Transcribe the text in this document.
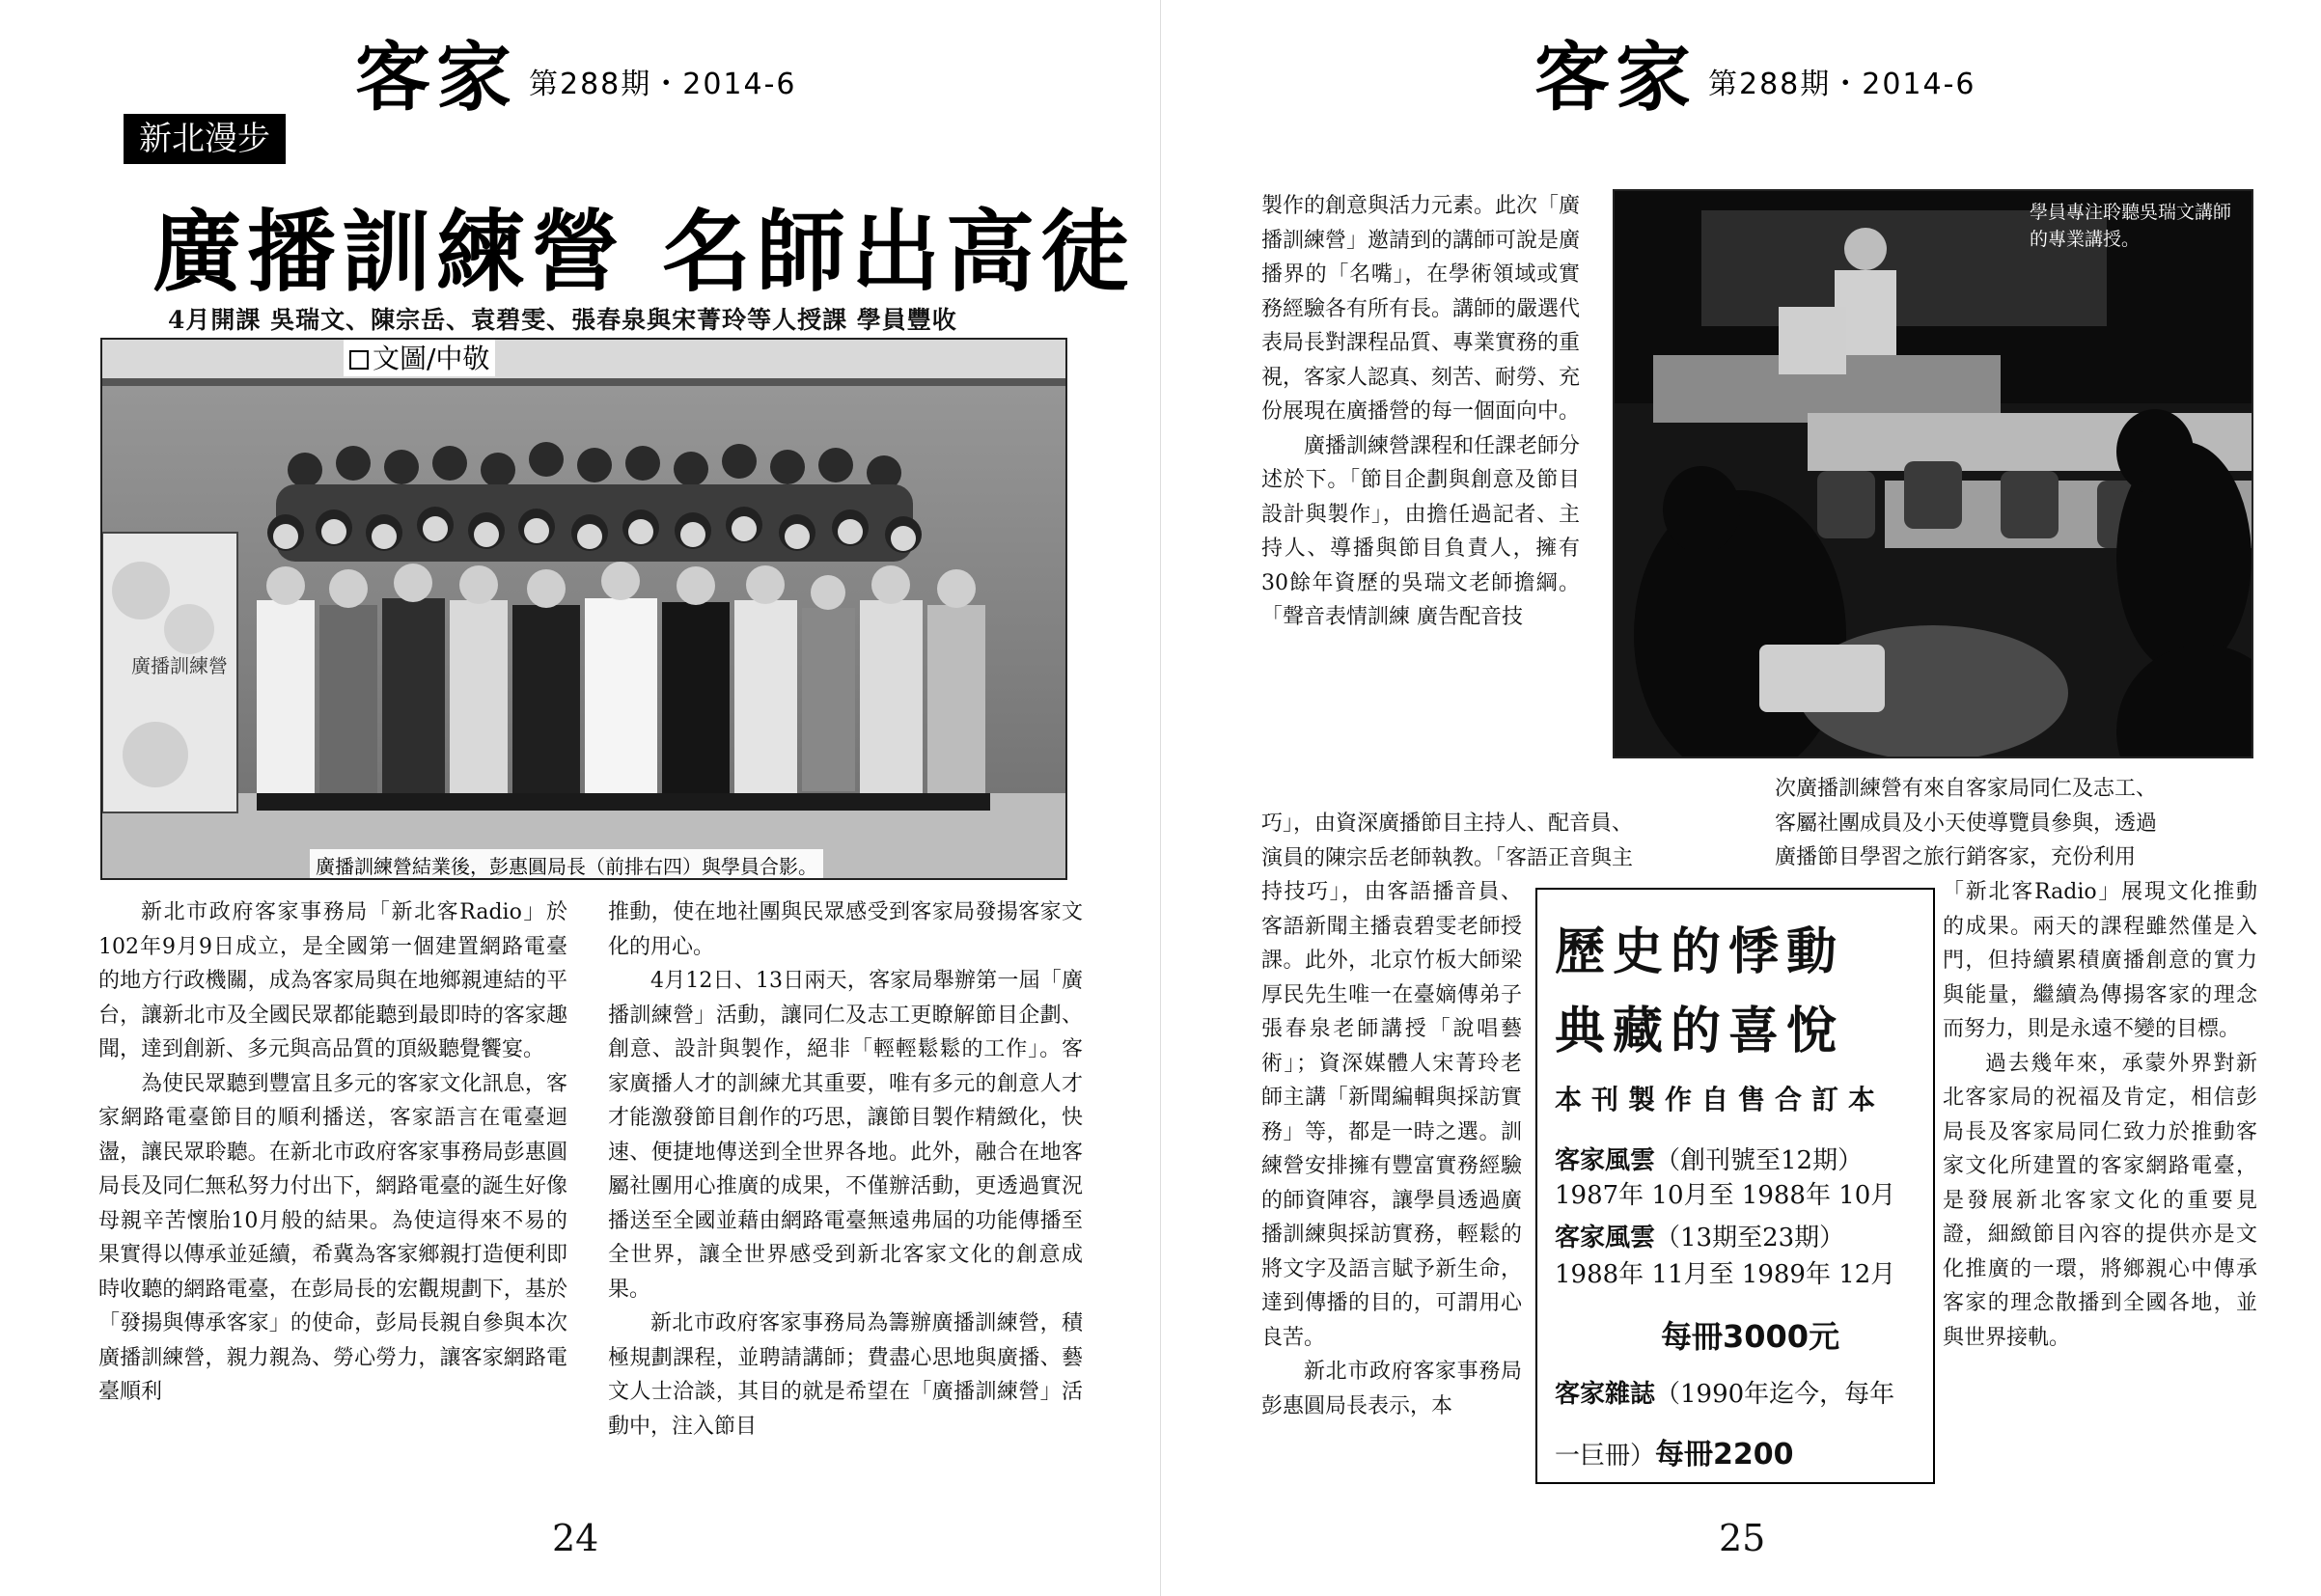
客家 第288期・2014-6
新北漫步
廣播訓練營 名師出高徒
4月開課 吳瑞文、陳宗岳、袁碧雯、張春泉與宋菁玲等人授課 學員豐收
廣播訓練營
文圖/中敬
廣播訓練營結業後，彭惠圓局長（前排右四）與學員合影。

新北市政府客家事務局「新北客Radio」於102年9月9日成立，是全國第一個建置網路電臺的地方行政機關，成為客家局與在地鄉親連結的平台，讓新北市及全國民眾都能聽到最即時的客家趣聞，達到創新、多元與高品質的頂級聽覺饗宴。

為使民眾聽到豐富且多元的客家文化訊息，客家網路電臺節目的順利播送，客家語言在電臺迴盪，讓民眾聆聽。在新北市政府客家事務局彭惠圓局長及同仁無私努力付出下，網路電臺的誕生好像母親辛苦懷胎10月般的結果。為使這得來不易的果實得以傳承並延續，希冀為客家鄉親打造便利即時收聽的網路電臺，在彭局長的宏觀規劃下，基於「發揚與傳承客家」的使命，彭局長親自參與本次廣播訓練營，親力親為、勞心勞力，讓客家網路電臺順利

推動，使在地社團與民眾感受到客家局發揚客家文化的用心。

4月12日、13日兩天，客家局舉辦第一屆「廣播訓練營」活動，讓同仁及志工更瞭解節目企劃、創意、設計與製作，絕非「輕輕鬆鬆的工作」。客家廣播人才的訓練尤其重要，唯有多元的創意人才才能激發節目創作的巧思，讓節目製作精緻化，快速、便捷地傳送到全世界各地。此外，融合在地客屬社團用心推廣的成果，不僅辦活動，更透過實況播送至全國並藉由網路電臺無遠弗屆的功能傳播至全世界，讓全世界感受到新北客家文化的創意成果。

新北市政府客家事務局為籌辦廣播訓練營，積極規劃課程，並聘請講師；費盡心思地與廣播、藝文人士洽談，其目的就是希望在「廣播訓練營」活動中，注入節目

24
客家 第288期・2014-6
學員專注聆聽吳瑞文講師的專業講授。

製作的創意與活力元素。此次「廣播訓練營」邀請到的講師可說是廣播界的「名嘴」，在學術領域或實務經驗各有所有長。講師的嚴選代表局長對課程品質、專業實務的重視，客家人認真、刻苦、耐勞、充份展現在廣播營的每一個面向中。

廣播訓練營課程和任課老師分述於下。「節目企劃與創意及節目設計與製作」，由擔任過記者、主持人、導播與節目負責人，擁有30餘年資歷的吳瑞文老師擔綱。「聲音表情訓練 廣告配音技

巧」，由資深廣播節目主持人、配音員、

演員的陳宗岳老師執教。「客語正音與主

持技巧」，由客語播音員、客語新聞主播袁碧雯老師授課。此外，北京竹板大師梁厚民先生唯一在臺嫡傳弟子張春泉老師講授「說唱藝術」；資深媒體人宋菁玲老師主講「新聞編輯與採訪實務」等，都是一時之選。訓練營安排擁有豐富實務經驗的師資陣容，讓學員透過廣播訓練與採訪實務，輕鬆的將文字及語言賦予新生命，達到傳播的目的，可謂用心良苦。

新北市政府客家事務局彭惠圓局長表示，本

次廣播訓練營有來自客家局同仁及志工、

客屬社團成員及小天使導覽員參與，透過

廣播節目學習之旅行銷客家，充份利用

「新北客Radio」展現文化推動的成果。兩天的課程雖然僅是入門，但持續累積廣播創意的實力與能量，繼續為傳揚客家的理念而努力，則是永遠不變的目標。

過去幾年來，承蒙外界對新北客家局的祝福及肯定，相信彭局長及客家局同仁致力於推動客家文化所建置的客家網路電臺，是發展新北客家文化的重要見證，細緻節目內容的提供亦是文化推廣的一環，將鄉親心中傳承客家的理念散播到全國各地，並與世界接軌。

歷史的悸動
典藏的喜悅
本刊製作自售合訂本
客家風雲（創刊號至12期）
1987年 10月至 1988年 10月
客家風雲（13期至23期）
1988年 11月至 1989年 12月
每冊3000元
客家雜誌（1990年迄今，每年
一巨冊）每冊2200
25
